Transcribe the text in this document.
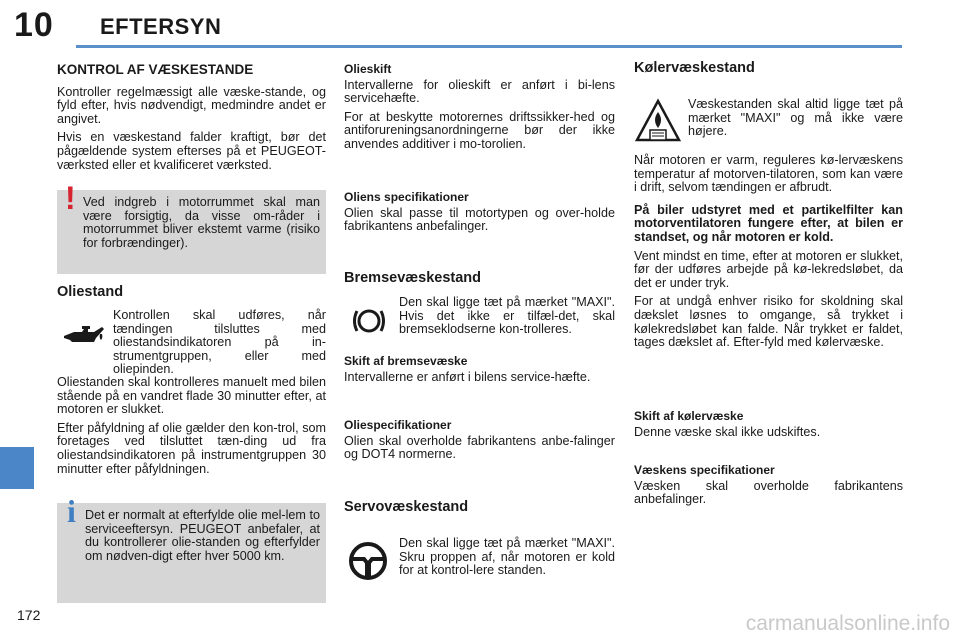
10 EFTERSYN
KONTROL AF VÆSKESTANDE

Kontroller regelmæssigt alle væske-stande, og fyld efter, hvis nødvendigt, medmindre andet er angivet.

Hvis en væskestand falder kraftigt, bør det pågældende system efterses på et PEUGEOT-værksted eller et kvalificeret værksted.

! Ved indgreb i motorrummet skal man være forsigtig, da visse om-råder i motorrummet bliver ekstemt varme (risiko for forbrændinger).

Oliestand
Kontrollen skal udføres, når tændingen tilsluttes med oliestandsindikatoren på in-strumentgruppen, eller med oliepinden.

Oliestanden skal kontrolleres manuelt med bilen stående på en vandret flade 30 minutter efter, at motoren er slukket.

Efter påfyldning af olie gælder den kon-trol, som foretages ved tilsluttet tæn-ding ud fra oliestandsindikatoren på instrumentgruppen 30 minutter efter påfyldningen.

i Det er normalt at efterfylde olie mel-lem to serviceeftersyn. PEUGEOT anbefaler, at du kontrollerer olie-standen og efterfylder om nødven-digt efter hver 5000 km.

Olieskift

Intervallerne for olieskift er anført i bi-lens servicehæfte.

For at beskytte motorernes driftssikker-hed og antiforureningsanordningerne bør der ikke anvendes additiver i mo-torolien.

Oliens specifikationer

Olien skal passe til motortypen og over-holde fabrikantens anbefalinger.

Bremsevæskestand
Den skal ligge tæt på mærket "MAXI". Hvis det ikke er tilfæl-det, skal bremseklodserne kon-trolleres.
Skift af bremsevæske

Intervallerne er anført i bilens service-hæfte.

Oliespecifikationer

Olien skal overholde fabrikantens anbe-falinger og DOT4 normerne.

Servovæskestand
Den skal ligge tæt på mærket "MAXI". Skru proppen af, når motoren er kold for at kontrol-lere standen.
Kølervæskestand
Væskestanden skal altid ligge tæt på mærket "MAXI" og må ikke være højere.

Når motoren er varm, reguleres kø-lervæskens temperatur af motorven-tilatoren, som kan være i drift, selvom tændingen er afbrudt.

På biler udstyret med et partikelfilter kan motorventilatoren fungere efter, at bilen er standset, og når motoren er kold.

Vent mindst en time, efter at motoren er slukket, før der udføres arbejde på kø-lekredsløbet, da det er under tryk.

For at undgå enhver risiko for skoldning skal dækslet løsnes to omgange, så trykket i kølekredsløbet kan falde. Når trykket er faldet, tages dækslet af. Efter-fyld med kølervæske.

Skift af kølervæske

Denne væske skal ikke udskiftes.

Væskens specifikationer

Væsken skal overholde fabrikantens anbefalinger.

172	carmanualsonline.info
